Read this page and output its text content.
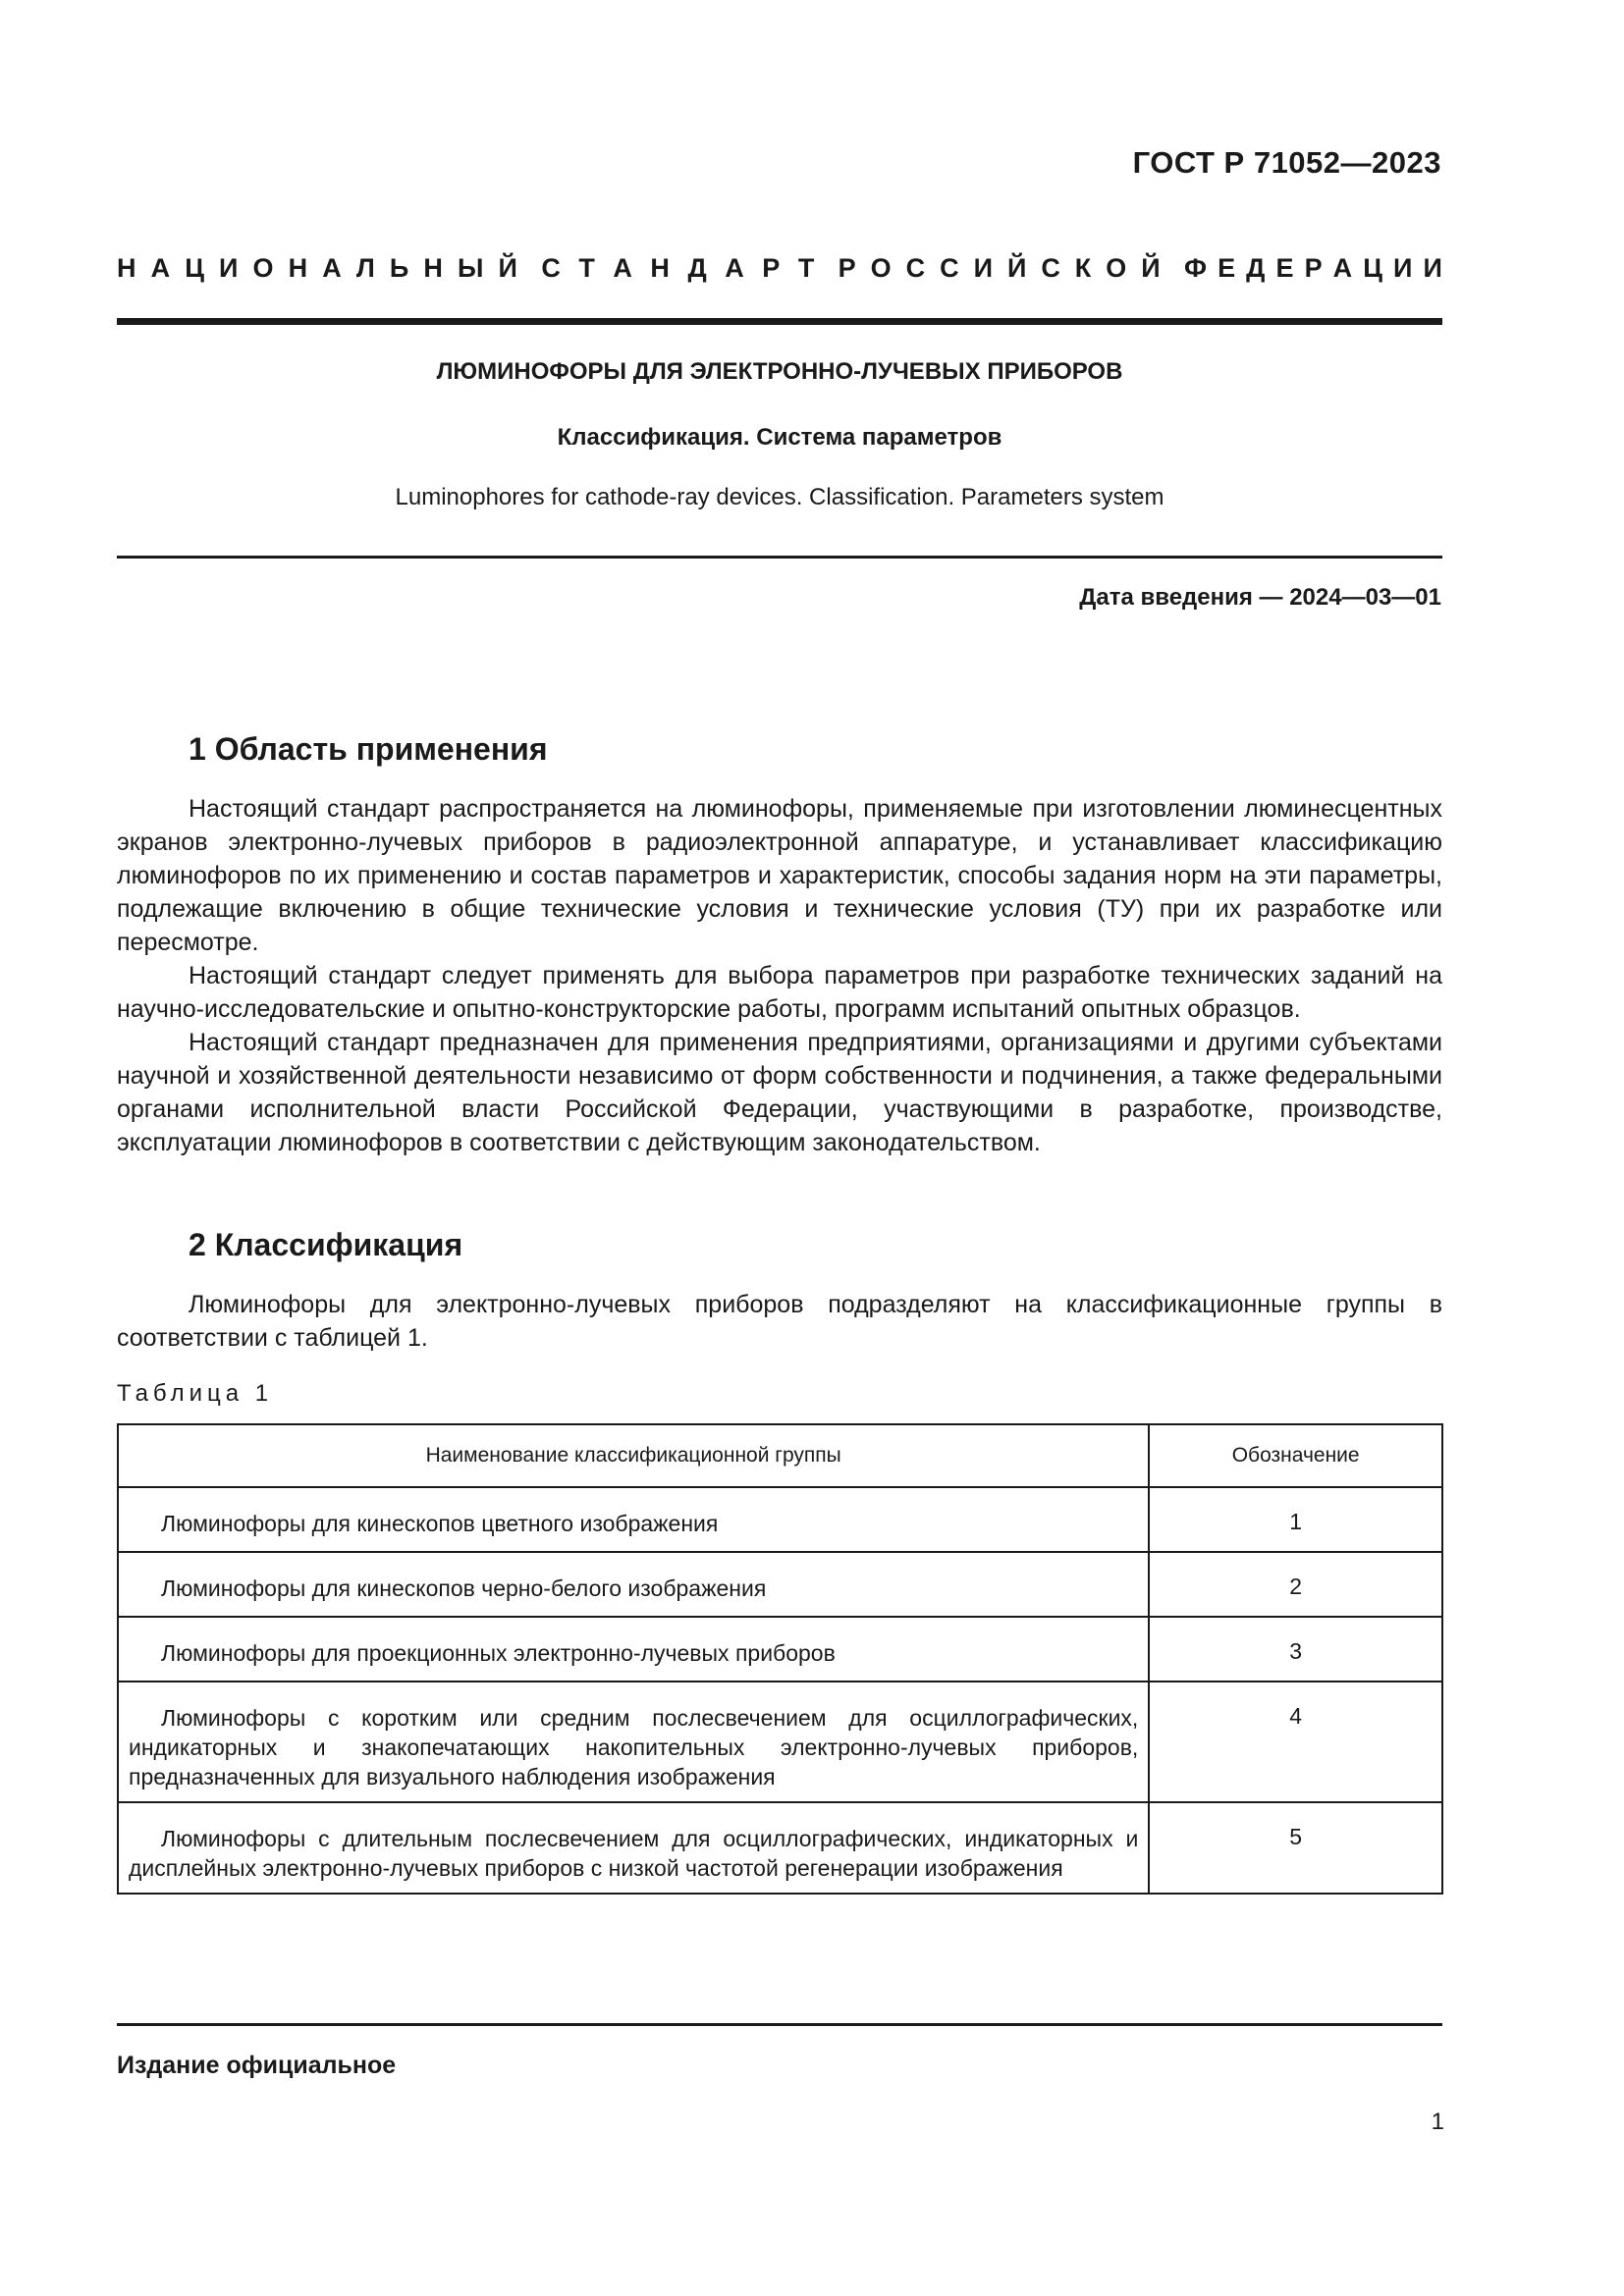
ГОСТ Р 71052—2023
Н А Ц И О Н А Л Ь Н Ы Й С Т А Н Д А Р Т Р О С С И Й С К О Й Ф Е Д Е Р А Ц И И
ЛЮМИНОФОРЫ ДЛЯ ЭЛЕКТРОННО-ЛУЧЕВЫХ ПРИБОРОВ
Классификация. Система параметров
Luminophores for cathode-ray devices. Classification. Parameters system
Дата введения — 2024—03—01
1 Область применения

Настоящий стандарт распространяется на люминофоры, применяемые при изготовлении люминесцентных экранов электронно-лучевых приборов в радиоэлектронной аппаратуре, и устанавливает классификацию люминофоров по их применению и состав параметров и характеристик, способы задания норм на эти параметры, подлежащие включению в общие технические условия и технические условия (ТУ) при их разработке или пересмотре.

Настоящий стандарт следует применять для выбора параметров при разработке технических заданий на научно-исследовательские и опытно-конструкторские работы, программ испытаний опытных образцов.

Настоящий стандарт предназначен для применения предприятиями, организациями и другими субъектами научной и хозяйственной деятельности независимо от форм собственности и подчинения, а также федеральными органами исполнительной власти Российской Федерации, участвующими в разработке, производстве, эксплуатации люминофоров в соответствии с действующим законодательством.

2 Классификация

Люминофоры для электронно-лучевых приборов подразделяют на классификационные группы в соответствии с таблицей 1.

Таблица 1
Наименование классификационной группы	Обозначение
Люминофоры для кинескопов цветного изображения	1
Люминофоры для кинескопов черно-белого изображения	2
Люминофоры для проекционных электронно-лучевых приборов	3
Люминофоры с коротким или средним послесвечением для осциллографических, индикаторных и знакопечатающих накопительных электронно-лучевых приборов, предназначенных для визуального наблюдения изображения	4
Люминофоры с длительным послесвечением для осциллографических, индикаторных и дисплейных электронно-лучевых приборов с низкой частотой регенерации изображения	5
Издание официальное
1
